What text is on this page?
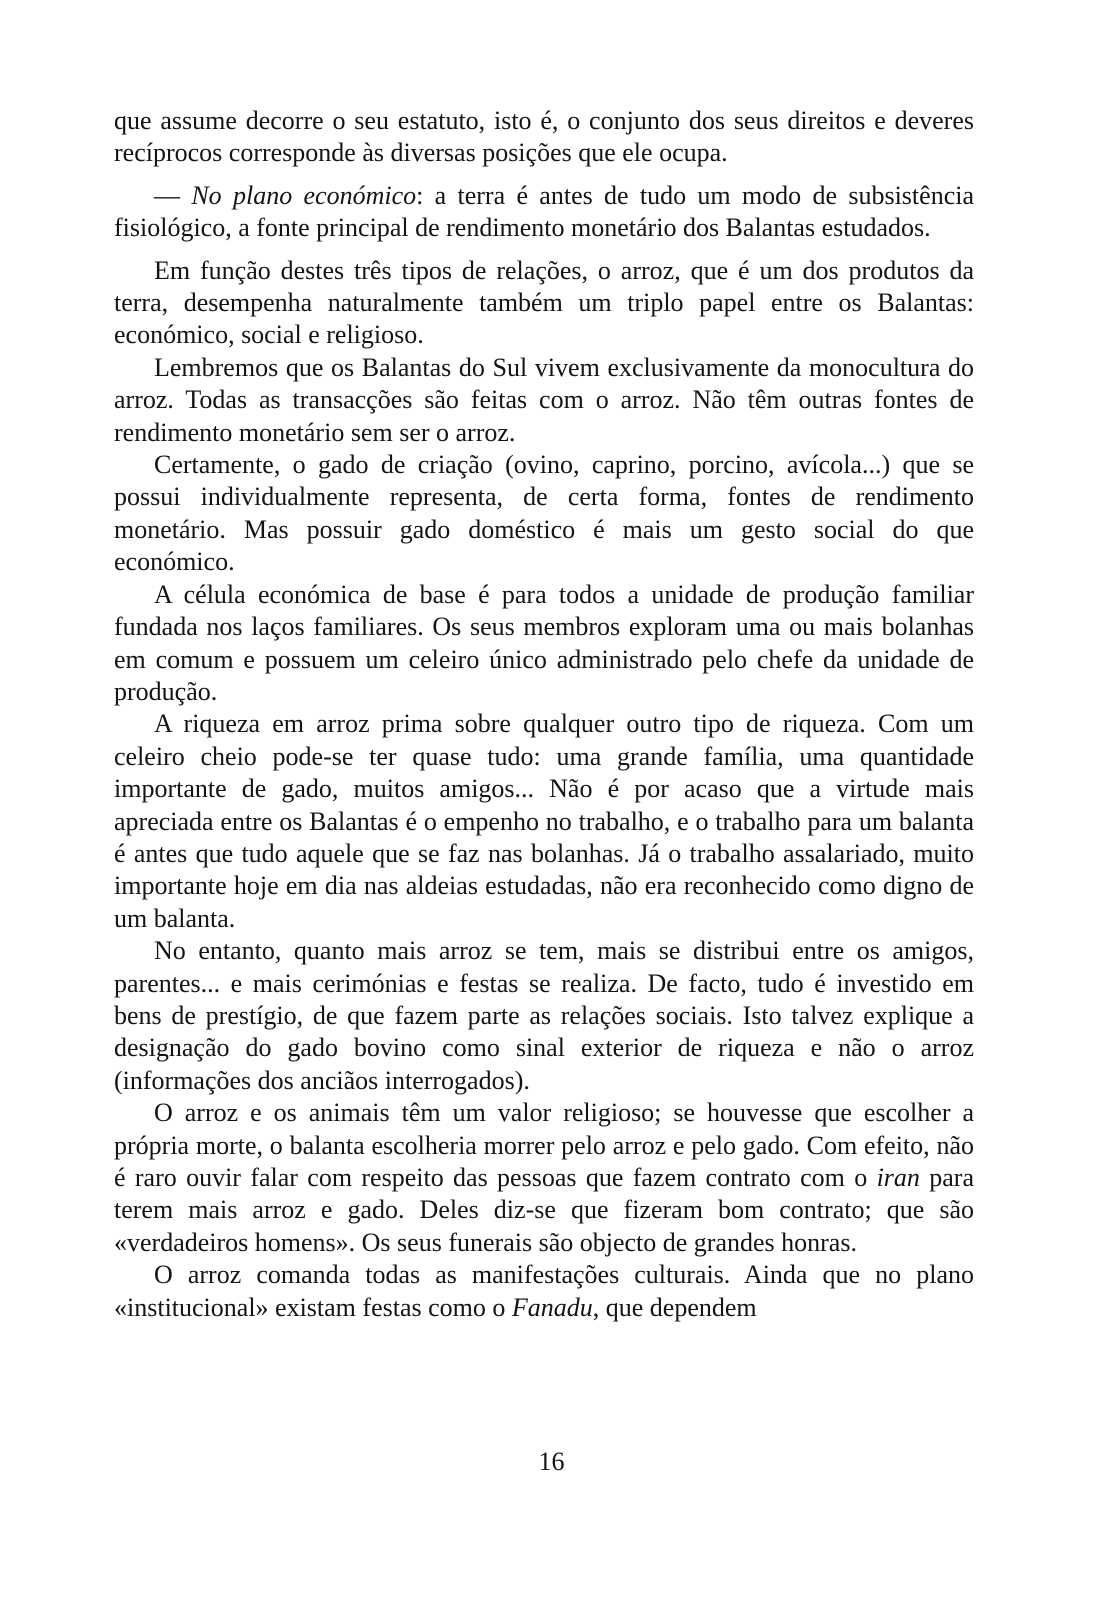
que assume decorre o seu estatuto, isto é, o conjunto dos seus direitos e deveres recíprocos corresponde às diversas posições que ele ocupa.

— No plano económico: a terra é antes de tudo um modo de subsistência fisiológico, a fonte principal de rendimento monetário dos Balantas estudados.

Em função destes três tipos de relações, o arroz, que é um dos produtos da terra, desempenha naturalmente também um triplo papel entre os Balantas: económico, social e religioso.

Lembremos que os Balantas do Sul vivem exclusivamente da monocultura do arroz. Todas as transacções são feitas com o arroz. Não têm outras fontes de rendimento monetário sem ser o arroz.

Certamente, o gado de criação (ovino, caprino, porcino, avícola...) que se possui individualmente representa, de certa forma, fontes de rendimento monetário. Mas possuir gado doméstico é mais um gesto social do que económico.

A célula económica de base é para todos a unidade de produção familiar fundada nos laços familiares. Os seus membros exploram uma ou mais bolanhas em comum e possuem um celeiro único administrado pelo chefe da unidade de produção.

A riqueza em arroz prima sobre qualquer outro tipo de riqueza. Com um celeiro cheio pode-se ter quase tudo: uma grande família, uma quantidade importante de gado, muitos amigos... Não é por acaso que a virtude mais apreciada entre os Balantas é o empenho no trabalho, e o trabalho para um balanta é antes que tudo aquele que se faz nas bolanhas. Já o trabalho assalariado, muito importante hoje em dia nas aldeias estudadas, não era reconhecido como digno de um balanta.

No entanto, quanto mais arroz se tem, mais se distribui entre os amigos, parentes... e mais cerimónias e festas se realiza. De facto, tudo é investido em bens de prestígio, de que fazem parte as relações sociais. Isto talvez explique a designação do gado bovino como sinal exterior de riqueza e não o arroz (informações dos anciãos interrogados).

O arroz e os animais têm um valor religioso; se houvesse que escolher a própria morte, o balanta escolheria morrer pelo arroz e pelo gado. Com efeito, não é raro ouvir falar com respeito das pessoas que fazem contrato com o iran para terem mais arroz e gado. Deles diz-se que fizeram bom contrato; que são «verdadeiros homens». Os seus funerais são objecto de grandes honras.

O arroz comanda todas as manifestações culturais. Ainda que no plano «institucional» existam festas como o Fanadu, que dependem

16
